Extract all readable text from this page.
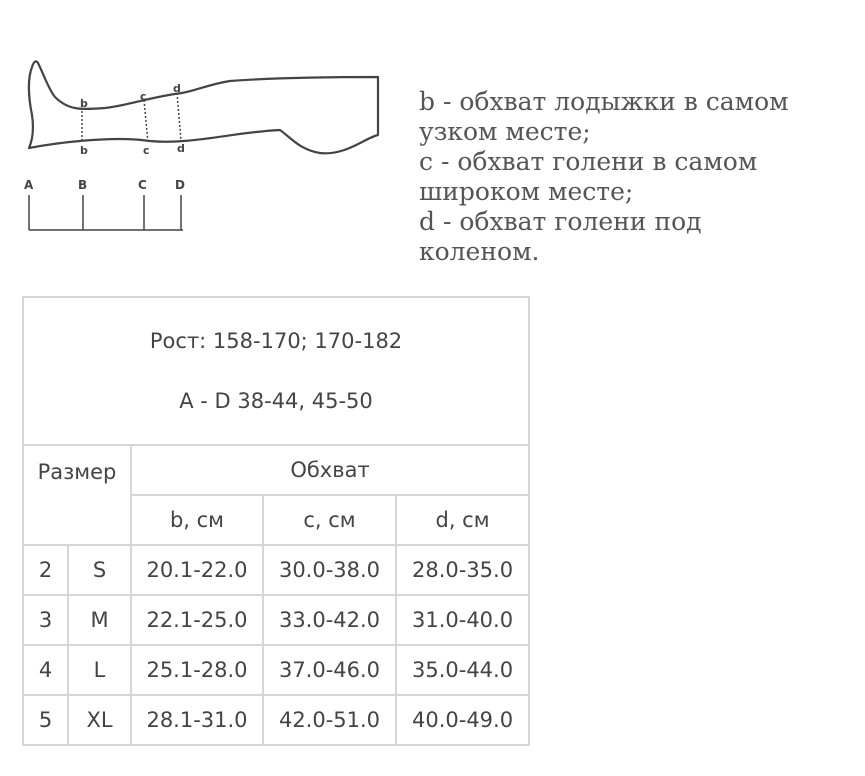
b
c
d
b	c d
A	B	C D
b - обхват лодыжки в самом
узком месте;
c - обхват голени в самом
широком месте;
d - обхват голени под
коленом.
Рост: 158-170; 170-182
A - D 38-44, 45-50				

Размер		Обхват		
		b, см	c, см	d, см
2	S	20.1-22.0	30.0-38.0	28.0-35.0
3	M	22.1-25.0	33.0-42.0	31.0-40.0
4	L	25.1-28.0	37.0-46.0	35.0-44.0
5	XL	28.1-31.0	42.0-51.0	40.0-49.0
